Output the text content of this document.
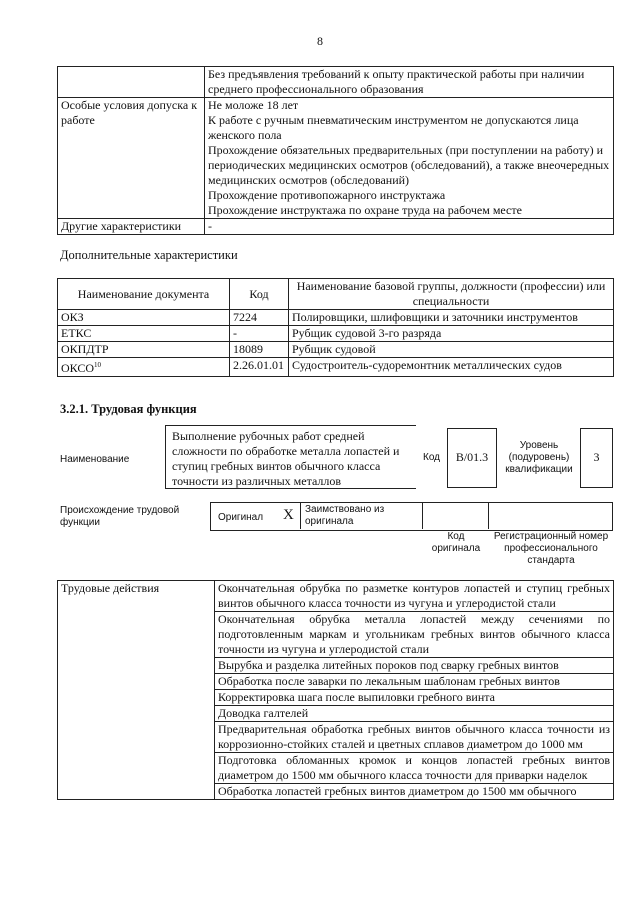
8
	Без предъявления требований к опыту практической работы при наличии среднего профессионального образования
Особые условия допуска к работе	Не моложе 18 лет
К работе с ручным пневматическим инструментом не допускаются лица женского пола
Прохождение обязательных предварительных (при поступлении на работу) и периодических медицинских осмотров (обследований), а также внеочередных медицинских осмотров (обследований)
Прохождение противопожарного инструктажа
Прохождение инструктажа по охране труда на рабочем месте

Другие характеристики	-
Дополнительные характеристики
Наименование документа	Код	Наименование базовой группы, должности (профессии) или специальности
ОКЗ	7224	Полировщики, шлифовщики и заточники инструментов
ЕТКС	-	Рубщик судовой 3-го разряда
ОКПДТР	18089	Рубщик судовой
ОКСО$^{10}$	2.26.01.01	Судостроитель-судоремонтник металлических судов
3.2.1. Трудовая функция
Наименование
Выполнение рубочных работ средней сложности по обработке металла лопастей и ступиц гребных винтов обычного класса точности из различных металлов
Код	B/01.3
Уровень (подуровень) квалификации
3
Происхождение трудовой функции	Оригинал X Заимствовано из оригинала
Код оригинала
Регистрационный номер профессионального стандарта
Трудовые действия	Окончательная обрубка по разметке контуров лопастей и ступиц гребных винтов обычного класса точности из чугуна и углеродистой стали
Окончательная обрубка металла лопастей между сечениями по подготовленным маркам и угольникам гребных винтов обычного класса точности из чугуна и углеродистой стали
Вырубка и разделка литейных пороков под сварку гребных винтов
Обработка после заварки по лекальным шаблонам гребных винтов
Корректировка шага после выпиловки гребного винта
Доводка галтелей
Предварительная обработка гребных винтов обычного класса точности из коррозионно-стойких сталей и цветных сплавов диаметром до 1000 мм
Подготовка обломанных кромок и концов лопастей гребных винтов диаметром до 1500 мм обычного класса точности для приварки наделок
Обработка лопастей гребных винтов диаметром до 1500 мм обычного
